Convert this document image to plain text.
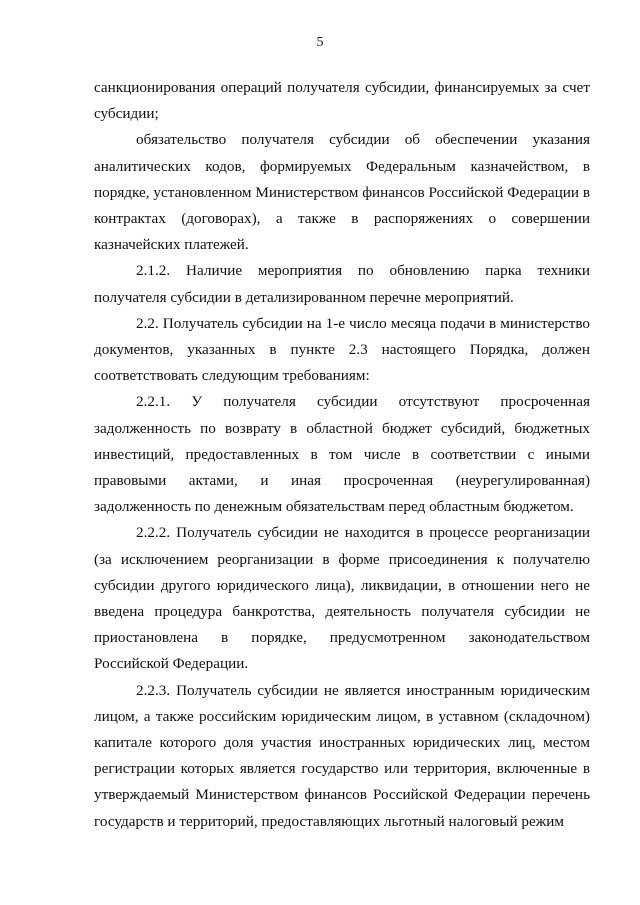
5

санкционирования операций получателя субсидии, финансируемых за счет субсидии;

обязательство получателя субсидии об обеспечении указания аналитических кодов, формируемых Федеральным казначейством, в порядке, установленном Министерством финансов Российской Федерации в контрактах (договорах), а также в распоряжениях о совершении казначейских платежей.

2.1.2. Наличие мероприятия по обновлению парка техники получателя субсидии в детализированном перечне мероприятий.

2.2. Получатель субсидии на 1-е число месяца подачи в министерство документов, указанных в пункте 2.3 настоящего Порядка, должен соответствовать следующим требованиям:

2.2.1. У получателя субсидии отсутствуют просроченная задолженность по возврату в областной бюджет субсидий, бюджетных инвестиций, предоставленных в том числе в соответствии с иными правовыми актами, и иная просроченная (неурегулированная) задолженность по денежным обязательствам перед областным бюджетом.

2.2.2. Получатель субсидии не находится в процессе реорганизации (за исключением реорганизации в форме присоединения к получателю субсидии другого юридического лица), ликвидации, в отношении него не введена процедура банкротства, деятельность получателя субсидии не приостановлена в порядке, предусмотренном законодательством Российской Федерации.

2.2.3. Получатель субсидии не является иностранным юридическим лицом, а также российским юридическим лицом, в уставном (складочном) капитале которого доля участия иностранных юридических лиц, местом регистрации которых является государство или территория, включенные в утверждаемый Министерством финансов Российской Федерации перечень государств и территорий, предоставляющих льготный налоговый режим
